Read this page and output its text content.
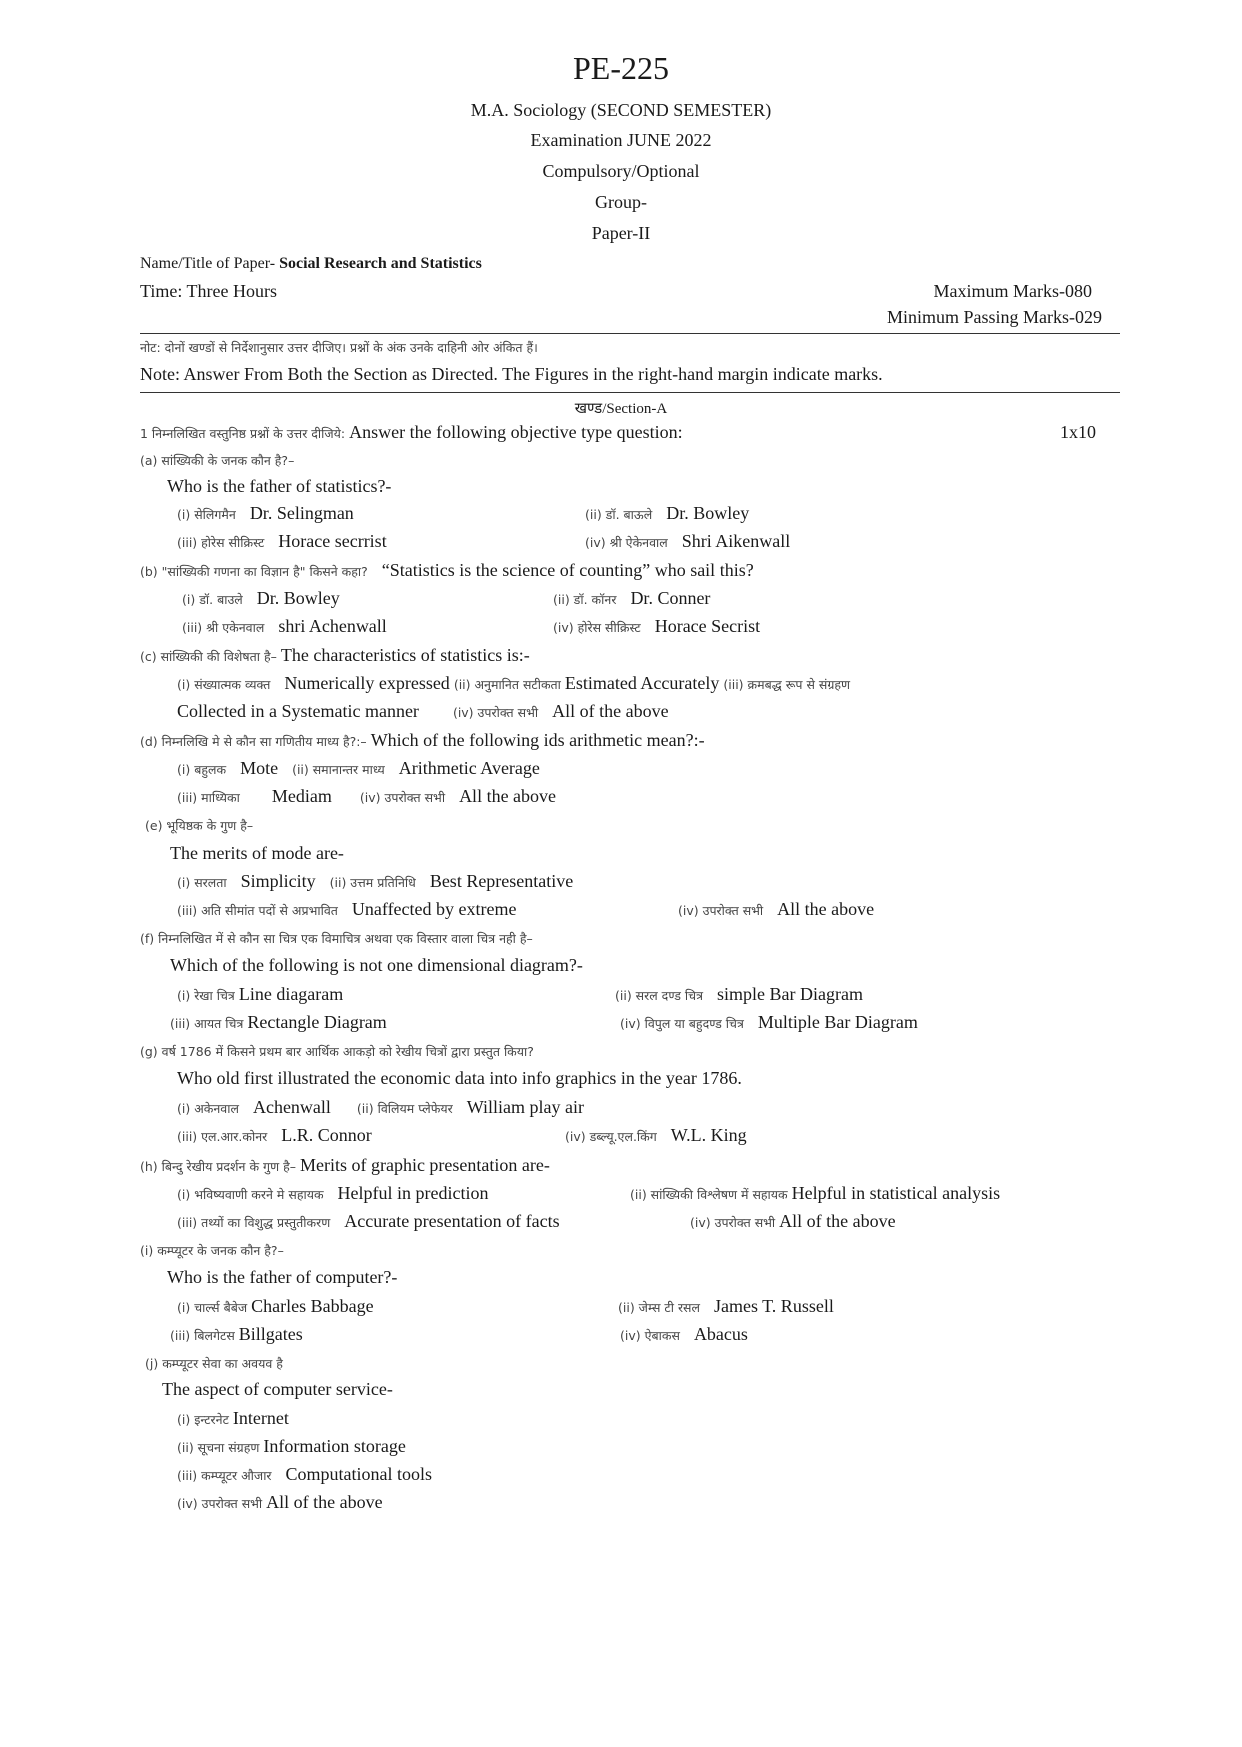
PE-225
M.A. Sociology (SECOND SEMESTER)
Examination JUNE 2022
Compulsory/Optional
Group-
Paper-II
Name/Title of Paper- Social Research and Statistics
Time: Three Hours	Maximum Marks-080
Minimum Passing Marks-029
नोट: दोनों खण्डों से निर्देशानुसार उत्तर दीजिए। प्रश्नों के अंक उनके दाहिनी ओर अंकित हैं।
Note: Answer From Both the Section as Directed. The Figures in the right-hand margin indicate marks.
खण्ड/Section-A
1 निम्नलिखित वस्तुनिष्ठ प्रश्नों के उत्तर दीजिये: Answer the following objective type question:	1x10
(a) सांख्यिकी के जनक कौन है?–
Who is the father of statistics?-
(i) सेलिगमैन Dr. Selingman	(ii) डॉ. बाऊले Dr. Bowley
(iii) होरेस सीक्रिस्ट Horace secrrist	(iv) श्री ऐकेनवाल Shri Aikenwall
(b) "सांख्यिकी गणना का विज्ञान है" किसने कहा? “Statistics is the science of counting” who sail this?
(i) डॉ. बाउले Dr. Bowley	(ii) डॉ. कॉनर Dr. Conner
(iii) श्री एकेनवाल shri Achenwall	(iv) होरेस सीक्रिस्ट Horace Secrist
(c) सांख्यिकी की विशेषता है– The characteristics of statistics is:-
(i) संख्यात्मक व्यक्त Numerically expressed (ii) अनुमानित सटीकता Estimated Accurately (iii) क्रमबद्ध रूप से संग्रहण
Collected in a Systematic manner	(iv) उपरोक्त सभी All of the above
(d) निम्नलिखि मे से कौन सा गणितीय माध्य है?:– Which of the following ids arithmetic mean?:-
(i) बहुलक Mote (ii) समानान्तर माध्य Arithmetic Average
(iii) माध्यिका Mediam (iv) उपरोक्त सभी All the above
(e) भूयिष्ठक के गुण है–
The merits of mode are-
(i) सरलता Simplicity (ii) उत्तम प्रतिनिधि Best Representative
(iii) अति सीमांत पदों से अप्रभावित Unaffected by extreme	(iv) उपरोक्त सभी All the above
(f) निम्नलिखित में से कौन सा चित्र एक विमाचित्र अथवा एक विस्तार वाला चित्र नही है–
Which of the following is not one dimensional diagram?-
(i) रेखा चित्र Line diagaram	(ii) सरल दण्ड चित्र simple Bar Diagram
(iii) आयत चित्र Rectangle Diagram	(iv) विपुल या बहुदण्ड चित्र Multiple Bar Diagram
(g) वर्ष 1786 में किसने प्रथम बार आर्थिक आकड़ो को रेखीय चित्रों द्वारा प्रस्तुत किया?
Who old first illustrated the economic data into info graphics in the year 1786.
(i) अकेनवाल Achenwall (ii) विलियम प्लेफेयर William play air
(iii) एल.आर.कोनर L.R. Connor	(iv) डब्ल्यू.एल.किंग W.L. King
(h) बिन्दु रेखीय प्रदर्शन के गुण है– Merits of graphic presentation are-
(i) भविष्यवाणी करने मे सहायक Helpful in prediction	(ii) सांख्यिकी विश्लेषण में सहायक Helpful in statistical analysis
(iii) तथ्यों का विशुद्ध प्रस्तुतीकरण Accurate presentation of facts	(iv) उपरोक्त सभी All of the above
(i) कम्प्यूटर के जनक कौन है?–
Who is the father of computer?-
(i) चार्ल्स बैबेज Charles Babbage	(ii) जेम्स टी रसल James T. Russell
(iii) बिलगेटस Billgates	(iv) ऐबाकस Abacus
(j) कम्प्यूटर सेवा का अवयव है
The aspect of computer service-
(i) इन्टरनेट Internet
(ii) सूचना संग्रहण Information storage
(iii) कम्प्यूटर औजार Computational tools
(iv) उपरोक्त सभी All of the above
